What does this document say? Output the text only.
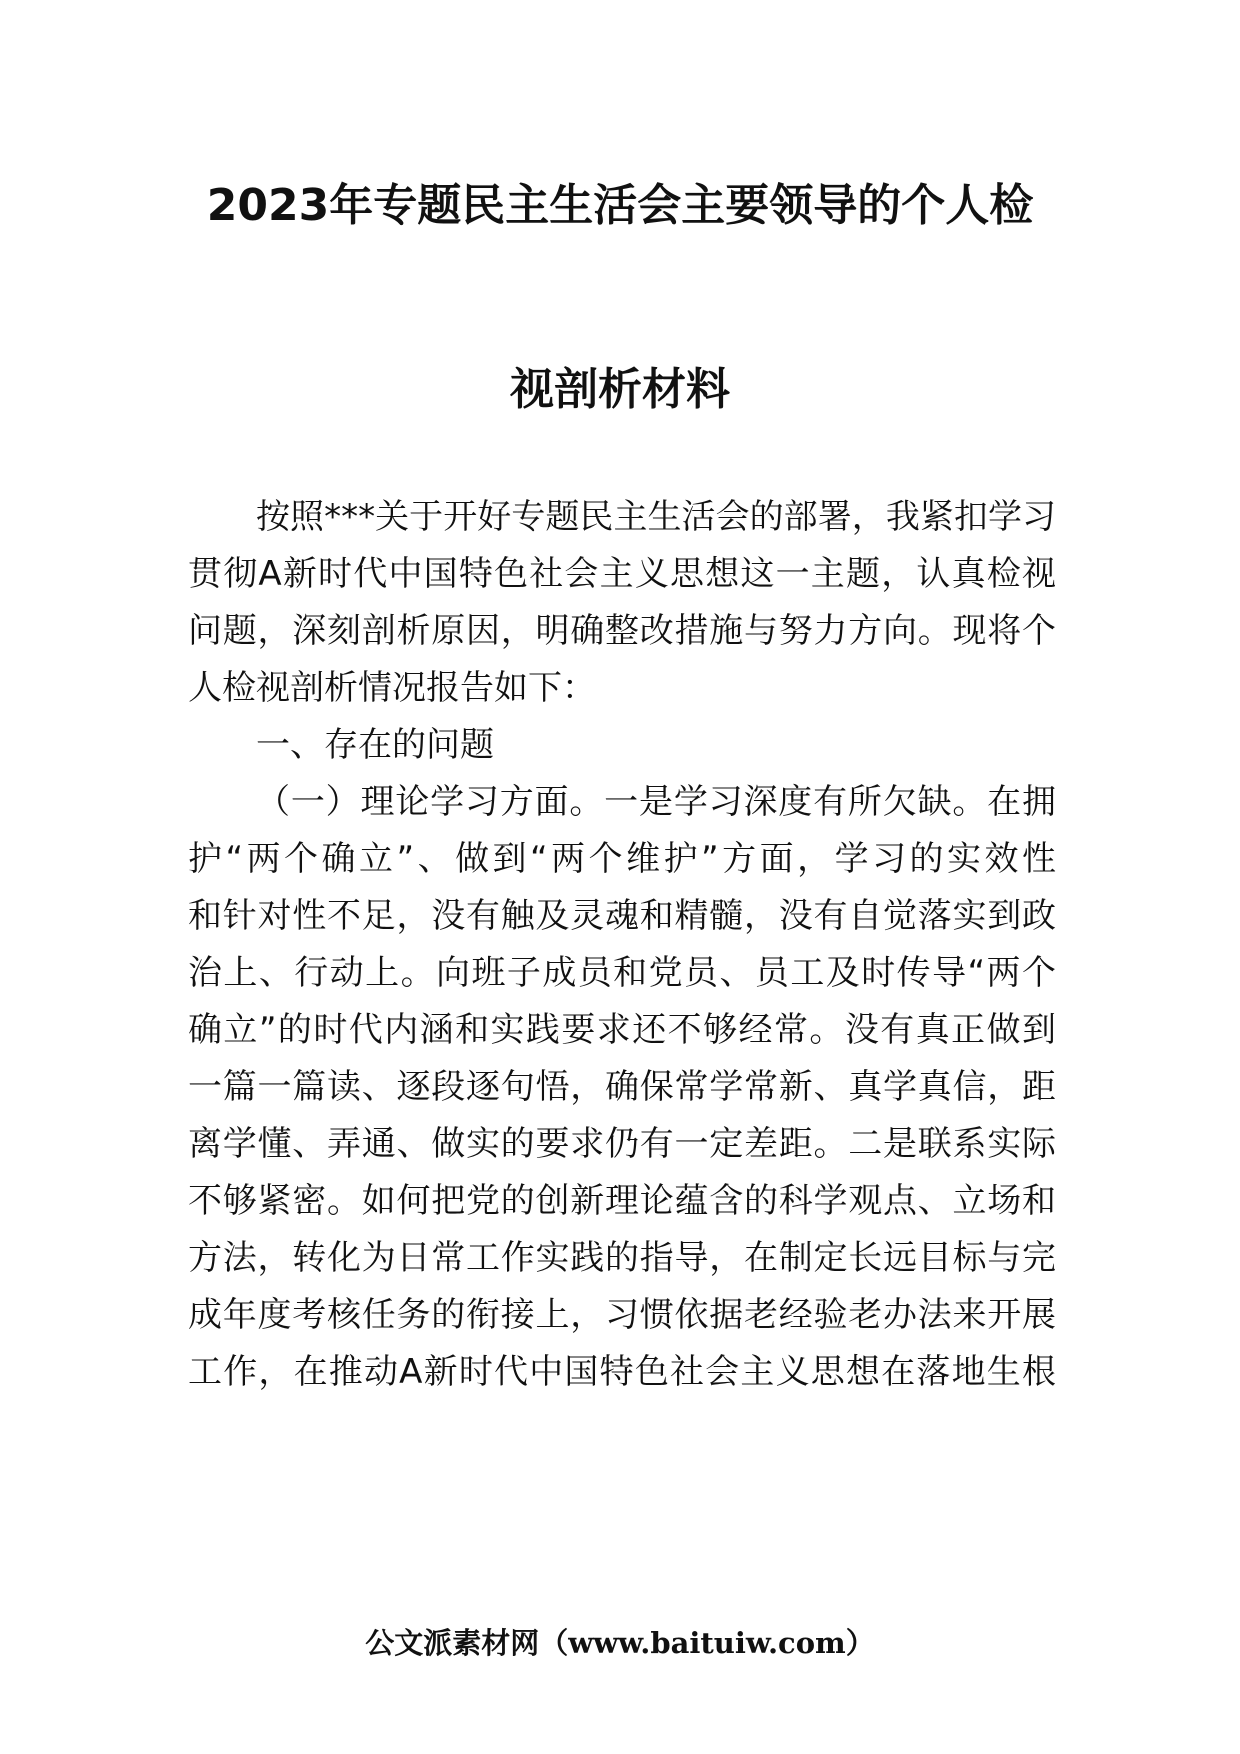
2023年专题民主生活会主要领导的个人检
视剖析材料
按照***关于开好专题民主生活会的部署，我紧扣学习
贯彻A新时代中国特色社会主义思想这一主题，认真检视
问题，深刻剖析原因，明确整改措施与努力方向。现将个
人检视剖析情况报告如下：
一、存在的问题
（一）理论学习方面。一是学习深度有所欠缺。在拥
护“两个确立”、做到“两个维护”方面，学习的实效性
和针对性不足，没有触及灵魂和精髓，没有自觉落实到政
治上、行动上。向班子成员和党员、员工及时传导“两个
确立”的时代内涵和实践要求还不够经常。没有真正做到
一篇一篇读、逐段逐句悟，确保常学常新、真学真信，距
离学懂、弄通、做实的要求仍有一定差距。二是联系实际
不够紧密。如何把党的创新理论蕴含的科学观点、立场和
方法，转化为日常工作实践的指导，在制定长远目标与完
成年度考核任务的衔接上，习惯依据老经验老办法来开展
工作，在推动A新时代中国特色社会主义思想在落地生根
公文派素材网（www.baituiw.com）
